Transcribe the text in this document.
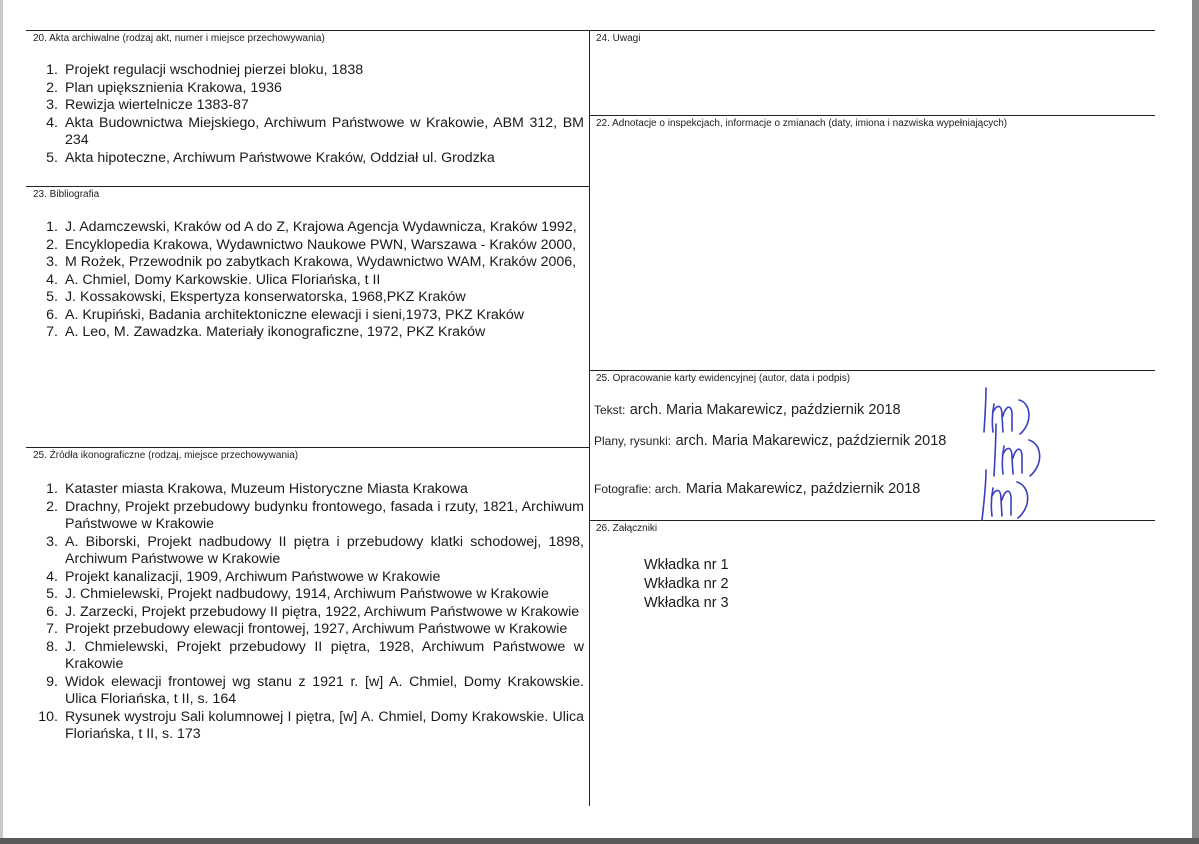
20. Akta archiwalne (rodzaj akt, numer i miejsce przechowywania)
1. Projekt regulacji wschodniej pierzei bloku, 1838
2. Plan upiększnienia Krakowa, 1936
3. Rewizja wiertelnicze 1383-87
4. Akta Budownictwa Miejskiego, Archiwum Państwowe w Krakowie, ABM 312, BM 234
5. Akta hipoteczne, Archiwum Państwowe Kraków, Oddział ul. Grodzka
23. Bibliografia
1. J. Adamczewski, Kraków od A do Z, Krajowa Agencja Wydawnicza, Kraków 1992,
2. Encyklopedia Krakowa, Wydawnictwo Naukowe PWN, Warszawa - Kraków 2000,
3. M Rożek, Przewodnik po zabytkach Krakowa, Wydawnictwo WAM, Kraków 2006,
4. A. Chmiel, Domy Karkowskie. Ulica Floriańska, t II
5. J. Kossakowski, Ekspertyza konserwatorska, 1968,PKZ Kraków
6. A. Krupiński, Badania architektoniczne elewacji i sieni,1973, PKZ Kraków
7. A. Leo, M. Zawadzka. Materiały ikonograficzne, 1972, PKZ Kraków
25. Źródła ikonograficzne (rodzaj, miejsce przechowywania)
1. Kataster miasta Krakowa, Muzeum Historyczne Miasta Krakowa
2. Drachny, Projekt przebudowy budynku frontowego, fasada i rzuty, 1821, Archiwum Państwowe w Krakowie
3. A. Biborski, Projekt nadbudowy II piętra i przebudowy klatki schodowej, 1898, Archiwum Państwowe w Krakowie
4. Projekt kanalizacji, 1909, Archiwum Państwowe w Krakowie
5. J. Chmielewski, Projekt nadbudowy, 1914, Archiwum Państwowe w Krakowie
6. J. Zarzecki, Projekt przebudowy II piętra, 1922, Archiwum Państwowe w Krakowie
7. Projekt przebudowy elewacji frontowej, 1927, Archiwum Państwowe w Krakowie
8. J. Chmielewski, Projekt przebudowy II piętra, 1928, Archiwum Państwowe w Krakowie
9. Widok elewacji frontowej wg stanu z 1921 r. [w] A. Chmiel, Domy Krakowskie. Ulica Floriańska, t II, s. 164
10. Rysunek wystroju Sali kolumnowej I piętra, [w] A. Chmiel, Domy Krakowskie. Ulica Floriańska, t II, s. 173
24. Uwagi
22. Adnotacje o inspekcjach, informacje o zmianach (daty, imiona i nazwiska wypełniających)
25. Opracowanie karty ewidencyjnej (autor, data i podpis)
Tekst: arch. Maria Makarewicz, październik 2018
Plany, rysunki: arch. Maria Makarewicz, październik 2018
Fotografie: arch. Maria Makarewicz, październik 2018
26. Załączniki
Wkładka nr 1
Wkładka nr 2
Wkładka nr 3
